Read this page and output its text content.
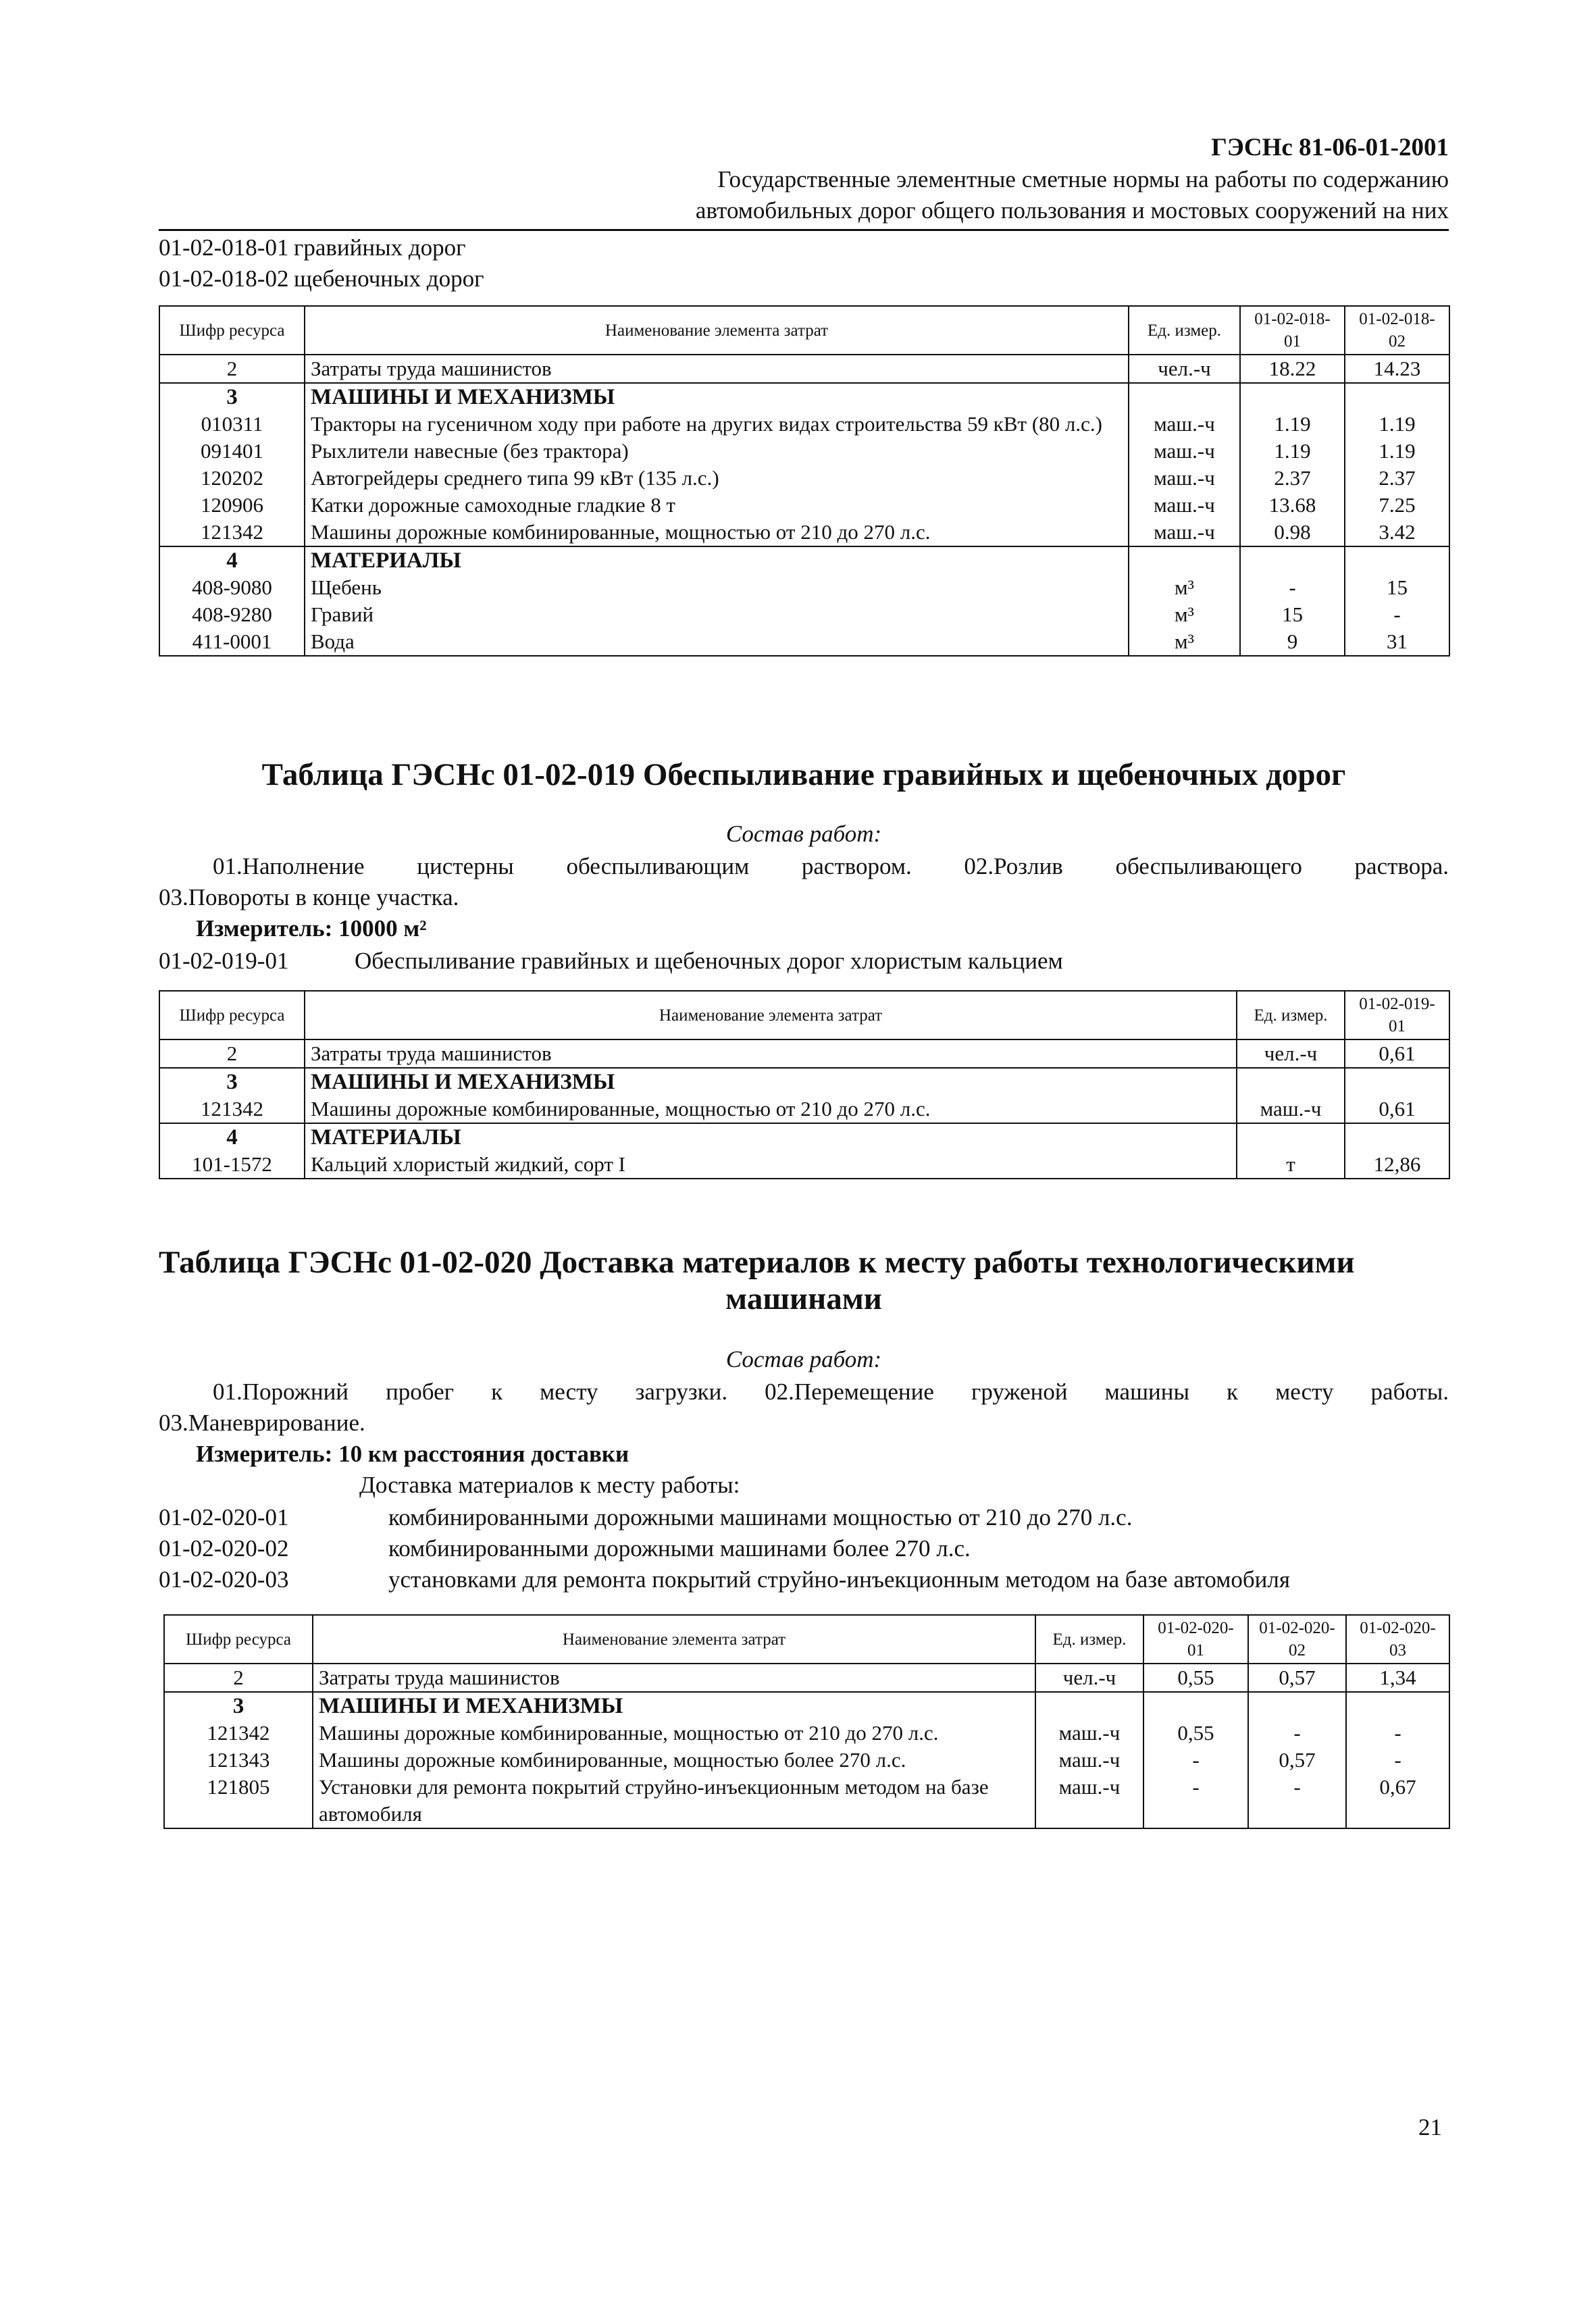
ГЭСНс 81-06-01-2001
Государственные элементные сметные нормы на работы по содержанию
автомобильных дорог общего пользования и мостовых сооружений на них
01-02-018-01 гравийных дорог
01-02-018-02 щебеночных дорог
Шифр ресурса	Наименование элемента затрат	Ед. измер.	01-02-018-01	01-02-018-02
2	Затраты труда машинистов	чел.-ч	18.22	14.23
3	МАШИНЫ И МЕХАНИЗМЫ			
010311	Тракторы на гусеничном ходу при работе на других видах строительства 59 кВт (80 л.с.)	маш.-ч	1.19	1.19
091401	Рыхлители навесные (без трактора)	маш.-ч	1.19	1.19
120202	Автогрейдеры среднего типа 99 кВт (135 л.с.)	маш.-ч	2.37	2.37
120906	Катки дорожные самоходные гладкие 8 т	маш.-ч	13.68	7.25
121342	Машины дорожные комбинированные, мощностью от 210 до 270 л.с.	маш.-ч	0.98	3.42
4	МАТЕРИАЛЫ			
408-9080	Щебень	м³	-	15
408-9280	Гравий	м³	15	-
411-0001	Вода	м³	9	31
Таблица ГЭСНс 01-02-019 Обеспыливание гравийных и щебеночных дорог
Состав работ:
01.Наполнение цистерны обеспыливающим раствором. 02.Розлив обеспыливающего раствора.
03.Повороты в конце участка.
Измеритель: 10000 м²
01-02-019-01	Обеспыливание гравийных и щебеночных дорог хлористым кальцием
Шифр ресурса	Наименование элемента затрат	Ед. измер.	01-02-019-01
2	Затраты труда машинистов	чел.-ч	0,61
3	МАШИНЫ И МЕХАНИЗМЫ		
121342	Машины дорожные комбинированные, мощностью от 210 до 270 л.с.	маш.-ч	0,61
4	МАТЕРИАЛЫ		
101-1572	Кальций хлористый жидкий, сорт I	т	12,86
Таблица ГЭСНс 01-02-020 Доставка материалов к месту работы технологическими
машинами
Состав работ:
01.Порожний пробег к месту загрузки. 02.Перемещение груженой машины к месту работы.
03.Маневрирование.
Измеритель: 10 км расстояния доставки
Доставка материалов к месту работы:
01-02-020-01	комбинированными дорожными машинами мощностью от 210 до 270 л.с.
01-02-020-02	комбинированными дорожными машинами более 270 л.с.
01-02-020-03	установками для ремонта покрытий струйно-инъекционным методом на базе автомобиля
Шифр ресурса	Наименование элемента затрат	Ед. измер.	01-02-020-01	01-02-020-02	01-02-020-03
2	Затраты труда машинистов	чел.-ч	0,55	0,57	1,34
3	МАШИНЫ И МЕХАНИЗМЫ				
121342	Машины дорожные комбинированные, мощностью от 210 до 270 л.с.	маш.-ч	0,55	-	-
121343	Машины дорожные комбинированные, мощностью более 270 л.с.	маш.-ч	-	0,57	-
121805	Установки для ремонта покрытий струйно-инъекционным методом на базе автомобиля	маш.-ч	-	-	0,67
21
